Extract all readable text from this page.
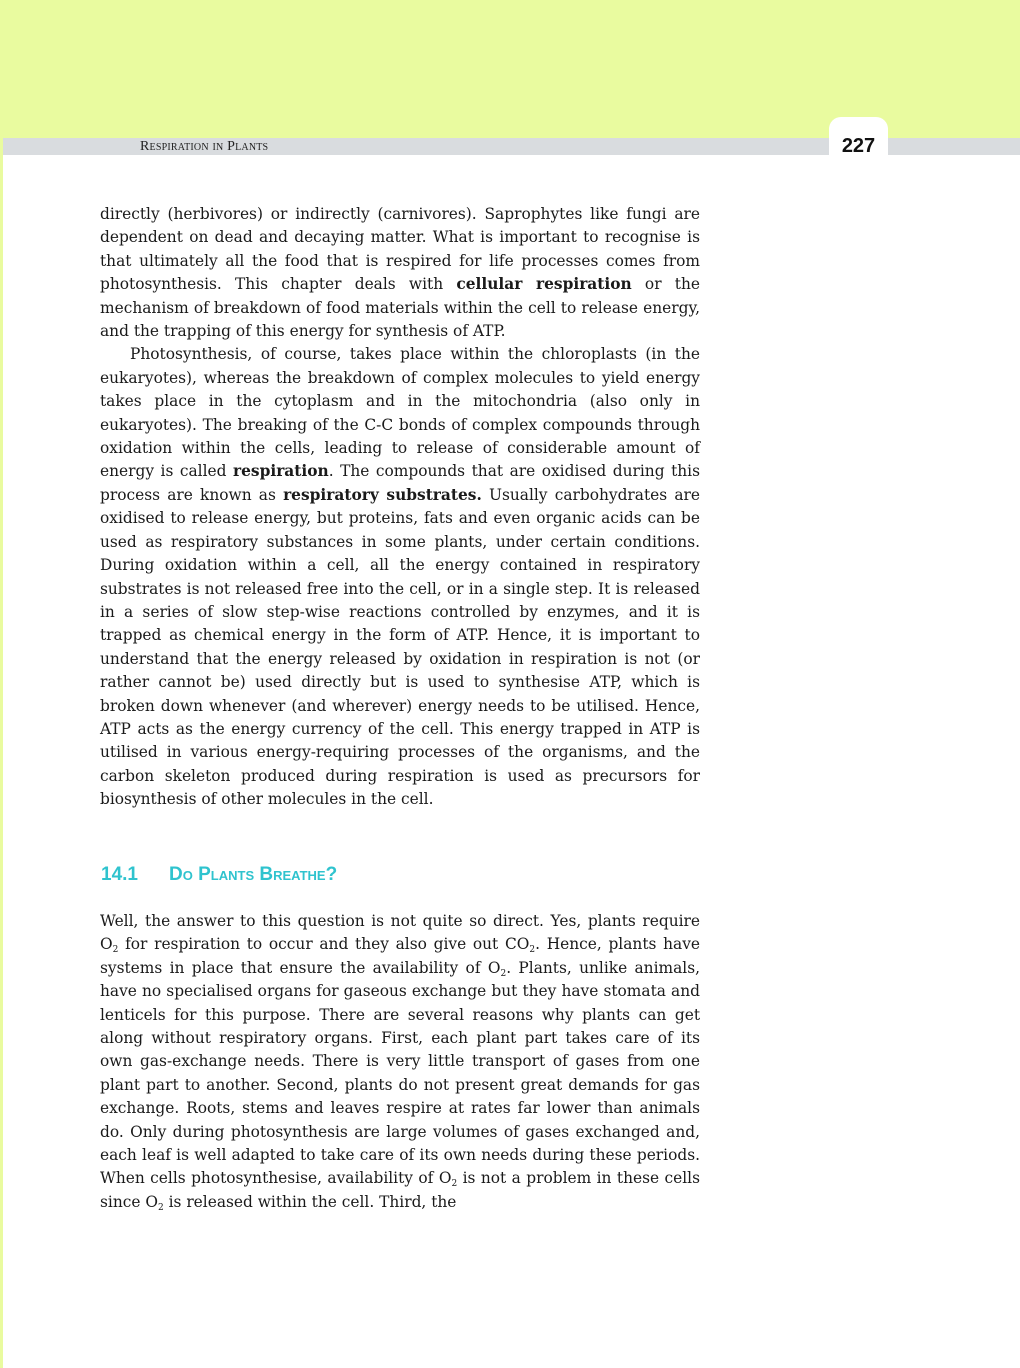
Respiration in Plants	227

directly (herbivores) or indirectly (carnivores). Saprophytes like fungi are dependent on dead and decaying matter. What is important to recognise is that ultimately all the food that is respired for life processes comes from photosynthesis. This chapter deals with cellular respiration or the mechanism of breakdown of food materials within the cell to release energy, and the trapping of this energy for synthesis of ATP.

Photosynthesis, of course, takes place within the chloroplasts (in the eukaryotes), whereas the breakdown of complex molecules to yield energy takes place in the cytoplasm and in the mitochondria (also only in eukaryotes). The breaking of the C-C bonds of complex compounds through oxidation within the cells, leading to release of considerable amount of energy is called respiration. The compounds that are oxidised during this process are known as respiratory substrates. Usually carbohydrates are oxidised to release energy, but proteins, fats and even organic acids can be used as respiratory substances in some plants, under certain conditions. During oxidation within a cell, all the energy contained in respiratory substrates is not released free into the cell, or in a single step. It is released in a series of slow step-wise reactions controlled by enzymes, and it is trapped as chemical energy in the form of ATP. Hence, it is important to understand that the energy released by oxidation in respiration is not (or rather cannot be) used directly but is used to synthesise ATP, which is broken down whenever (and wherever) energy needs to be utilised. Hence, ATP acts as the energy currency of the cell. This energy trapped in ATP is utilised in various energy-requiring processes of the organisms, and the carbon skeleton produced during respiration is used as precursors for biosynthesis of other molecules in the cell.

14.1 Do Plants Breathe?

Well, the answer to this question is not quite so direct. Yes, plants require $O_2$ for respiration to occur and they also give out $CO_2$. Hence, plants have systems in place that ensure the availability of $O_2$. Plants, unlike animals, have no specialised organs for gaseous exchange but they have stomata and lenticels for this purpose. There are several reasons why plants can get along without respiratory organs. First, each plant part takes care of its own gas-exchange needs. There is very little transport of gases from one plant part to another. Second, plants do not present great demands for gas exchange. Roots, stems and leaves respire at rates far lower than animals do. Only during photosynthesis are large volumes of gases exchanged and, each leaf is well adapted to take care of its own needs during these periods. When cells photosynthesise, availability of $O_2$ is not a problem in these cells since $O_2$ is released within the cell. Third, the
